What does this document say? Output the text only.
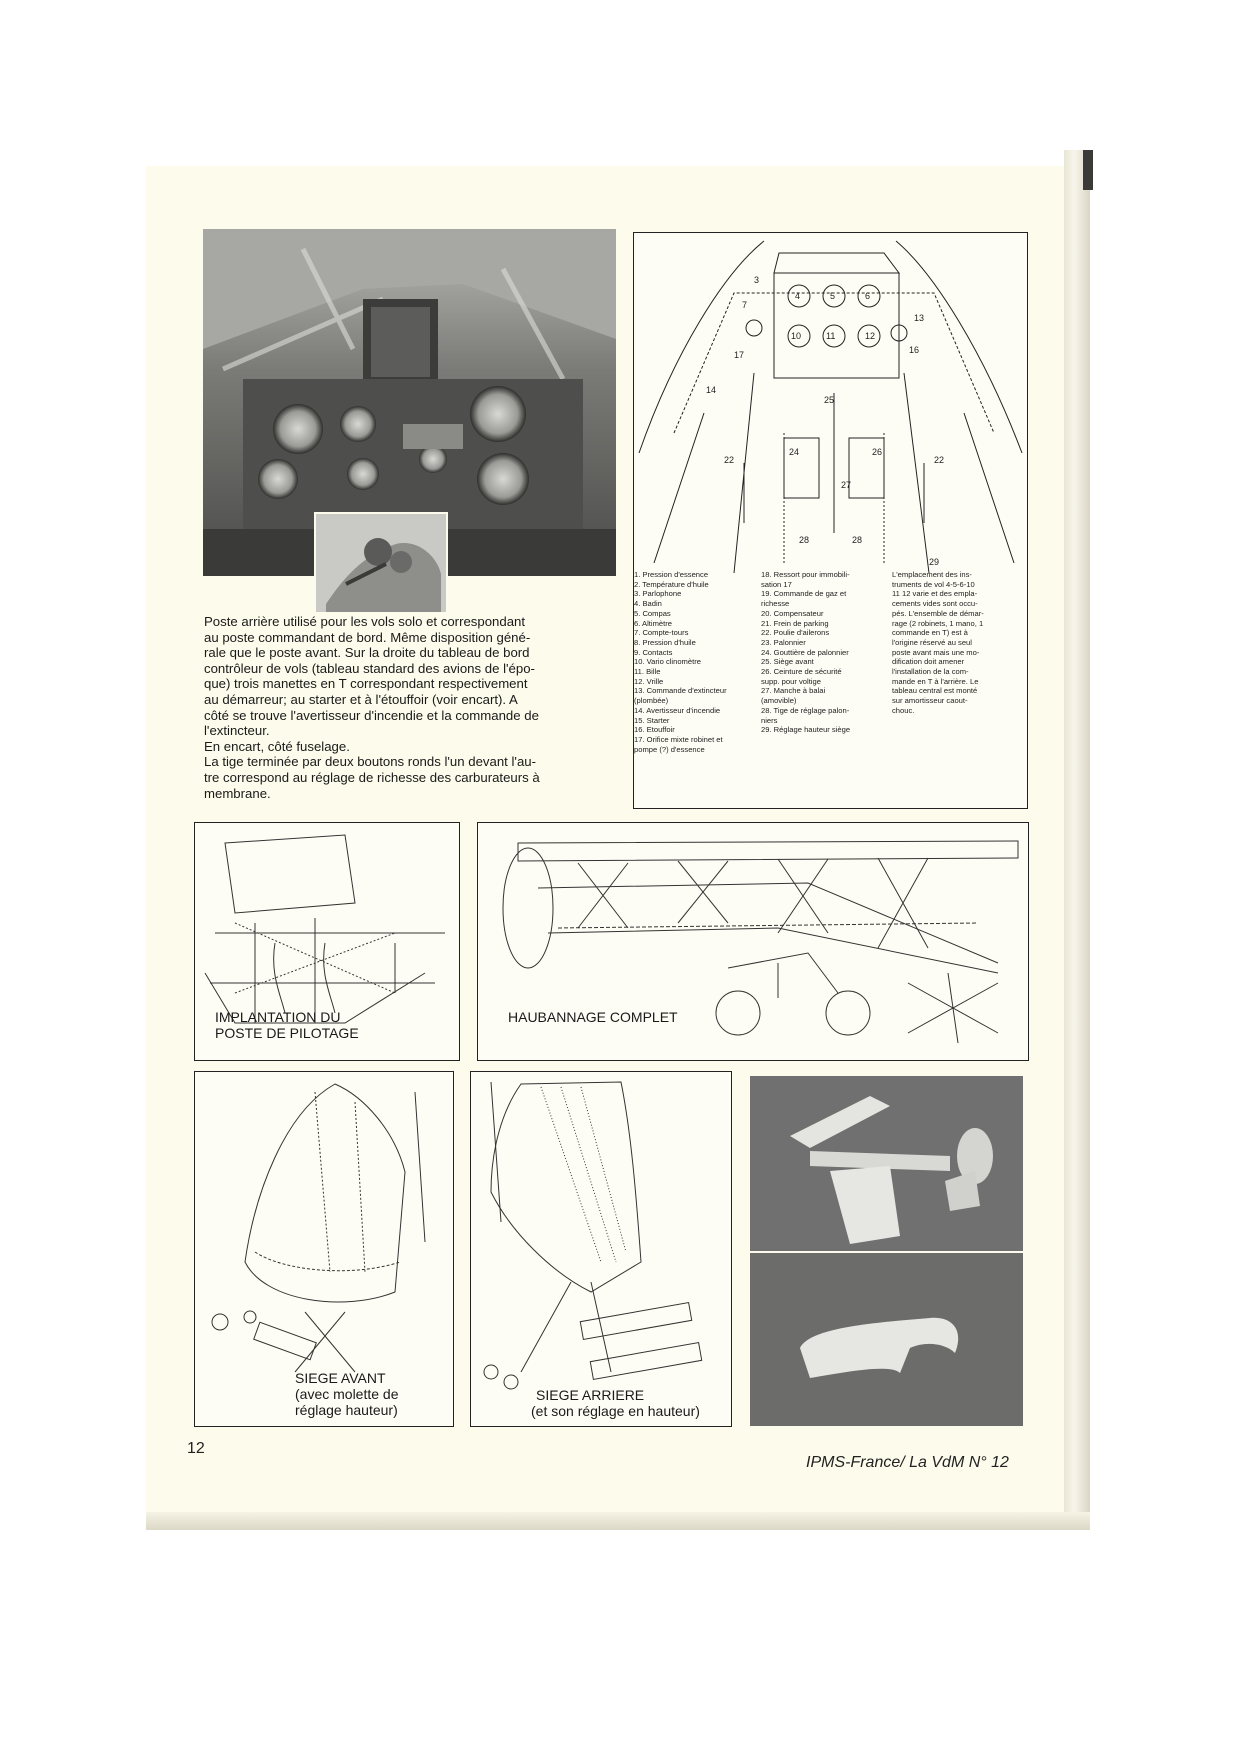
4	5	6
10	11	12
25
24	26
27
22	22
28	28
29
17
14
16
7
3
13
1. Pression d'essence
2. Température d'huile
3. Parlophone
4. Badin
5. Compas
6. Altimètre
7. Compte-tours
8. Pression d'huile
9. Contacts
10. Vario clinomètre
11. Bille
12. Vrille
13. Commande d'extincteur
(plombée)
14. Avertisseur d'incendie
15. Starter
16. Etouffoir
17. Orifice mixte robinet et
pompe (?) d'essence
18. Ressort pour immobili-
sation 17
19. Commande de gaz et
richesse
20. Compensateur
21. Frein de parking
22. Poulie d'ailerons
23. Palonnier
24. Gouttière de palonnier
25. Siège avant
26. Ceinture de sécurité
supp. pour voltige
27. Manche à balai
(amovible)
28. Tige de réglage palon-
niers
29. Réglage hauteur siège
L'emplacement des ins-
truments de vol 4-5-6-10
11 12 varie et des empla-
cements vides sont occu-
pés. L'ensemble de démar-
rage (2 robinets, 1 mano, 1
commande en T) est à
l'origine réservé au seul
poste avant mais une mo-
dification doit amener
l'installation de la com-
mande en T à l'arrière. Le
tableau central est monté
sur amortisseur caout-
chouc.

Poste arrière utilisé pour les vols solo et correspondant

au poste commandant de bord. Même disposition géné-

rale que le poste avant. Sur la droite du tableau de bord

contrôleur de vols (tableau standard des avions de l'épo-

que) trois manettes en T correspondant respectivement

au démarreur; au starter et à l'étouffoir (voir encart). A

côté se trouve l'avertisseur d'incendie et la commande de

l'extincteur.

En encart, côté fuselage.

La tige terminée par deux boutons ronds l'un devant l'au-

tre correspond au réglage de richesse des carburateurs à

membrane.

IMPLANTATION DU
POSTE DE PILOTAGE
HAUBANNAGE COMPLET
SIEGE AVANT
(avec molette de
réglage hauteur)
SIEGE ARRIERE
(et son réglage en hauteur)
12
IPMS-France/ La VdM N° 12
